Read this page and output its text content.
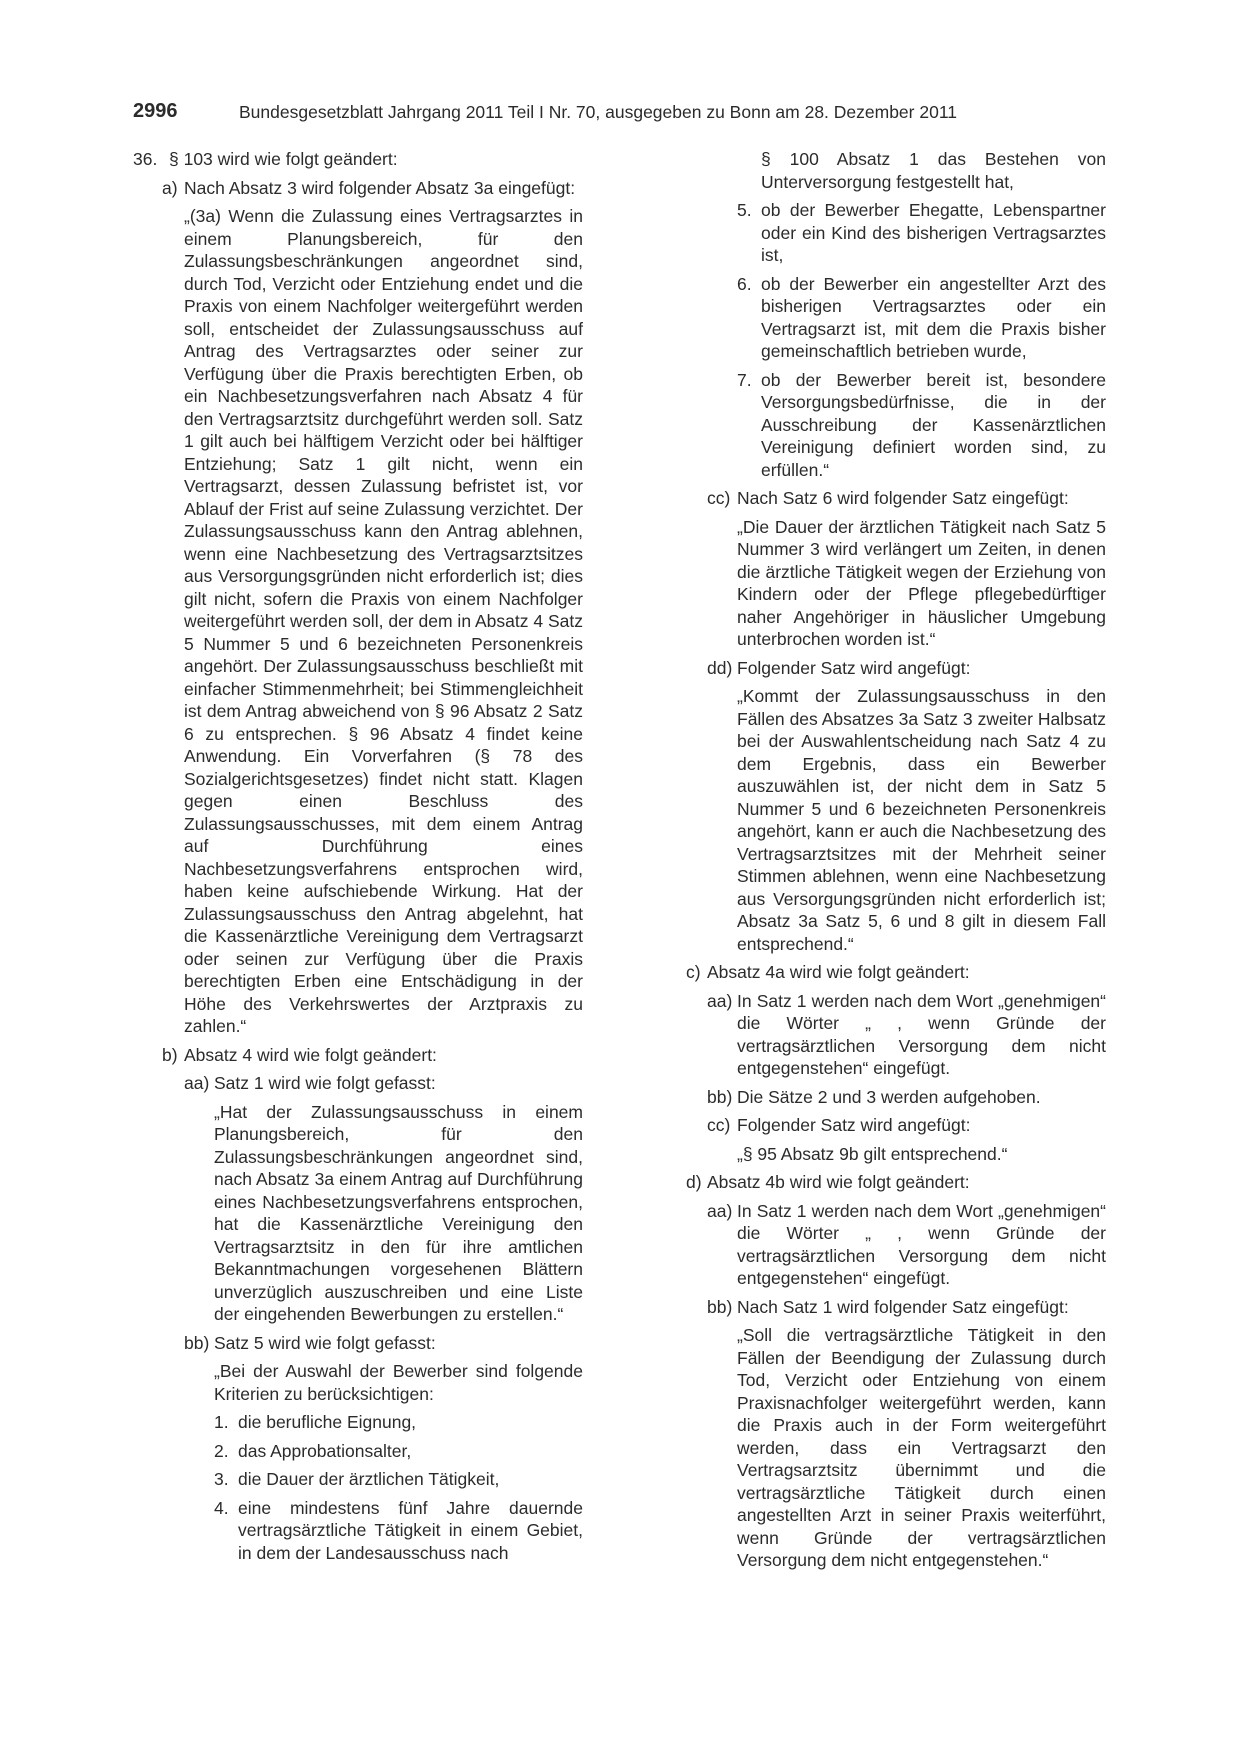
2996	Bundesgesetzblatt Jahrgang 2011 Teil I Nr. 70, ausgegeben zu Bonn am 28. Dezember 2011
36. § 103 wird wie folgt geändert:
a) Nach Absatz 3 wird folgender Absatz 3a eingefügt:
„(3a) Wenn die Zulassung eines Vertragsarztes in einem Planungsbereich, für den Zulassungsbeschränkungen angeordnet sind, durch Tod, Verzicht oder Entziehung endet und die Praxis von einem Nachfolger weitergeführt werden soll, entscheidet der Zulassungsausschuss auf Antrag des Vertragsarztes oder seiner zur Verfügung über die Praxis berechtigten Erben, ob ein Nachbesetzungsverfahren nach Absatz 4 für den Vertragsarztsitz durchgeführt werden soll. Satz 1 gilt auch bei hälftigem Verzicht oder bei hälftiger Entziehung; Satz 1 gilt nicht, wenn ein Vertragsarzt, dessen Zulassung befristet ist, vor Ablauf der Frist auf seine Zulassung verzichtet. Der Zulassungsausschuss kann den Antrag ablehnen, wenn eine Nachbesetzung des Vertragsarztsitzes aus Versorgungsgründen nicht erforderlich ist; dies gilt nicht, sofern die Praxis von einem Nachfolger weitergeführt werden soll, der dem in Absatz 4 Satz 5 Nummer 5 und 6 bezeichneten Personenkreis angehört. Der Zulassungsausschuss beschließt mit einfacher Stimmenmehrheit; bei Stimmengleichheit ist dem Antrag abweichend von § 96 Absatz 2 Satz 6 zu entsprechen. § 96 Absatz 4 findet keine Anwendung. Ein Vorverfahren (§ 78 des Sozialgerichtsgesetzes) findet nicht statt. Klagen gegen einen Beschluss des Zulassungsausschusses, mit dem einem Antrag auf Durchführung eines Nachbesetzungsverfahrens entsprochen wird, haben keine aufschiebende Wirkung. Hat der Zulassungsausschuss den Antrag abgelehnt, hat die Kassenärztliche Vereinigung dem Vertragsarzt oder seinen zur Verfügung über die Praxis berechtigten Erben eine Entschädigung in der Höhe des Verkehrswertes der Arztpraxis zu zahlen.“
b) Absatz 4 wird wie folgt geändert:
aa) Satz 1 wird wie folgt gefasst:
„Hat der Zulassungsausschuss in einem Planungsbereich, für den Zulassungsbeschränkungen angeordnet sind, nach Absatz 3a einem Antrag auf Durchführung eines Nachbesetzungsverfahrens entsprochen, hat die Kassenärztliche Vereinigung den Vertragsarztsitz in den für ihre amtlichen Bekanntmachungen vorgesehenen Blättern unverzüglich auszuschreiben und eine Liste der eingehenden Bewerbungen zu erstellen.“
bb) Satz 5 wird wie folgt gefasst:
„Bei der Auswahl der Bewerber sind folgende Kriterien zu berücksichtigen:
1. die berufliche Eignung,
2. das Approbationsalter,
3. die Dauer der ärztlichen Tätigkeit,
4. eine mindestens fünf Jahre dauernde vertragsärztliche Tätigkeit in einem Gebiet, in dem der Landesausschuss nach
§ 100 Absatz 1 das Bestehen von Unterversorgung festgestellt hat,
5. ob der Bewerber Ehegatte, Lebenspartner oder ein Kind des bisherigen Vertragsarztes ist,
6. ob der Bewerber ein angestellter Arzt des bisherigen Vertragsarztes oder ein Vertragsarzt ist, mit dem die Praxis bisher gemeinschaftlich betrieben wurde,
7. ob der Bewerber bereit ist, besondere Versorgungsbedürfnisse, die in der Ausschreibung der Kassenärztlichen Vereinigung definiert worden sind, zu erfüllen.“
cc) Nach Satz 6 wird folgender Satz eingefügt:
„Die Dauer der ärztlichen Tätigkeit nach Satz 5 Nummer 3 wird verlängert um Zeiten, in denen die ärztliche Tätigkeit wegen der Erziehung von Kindern oder der Pflege pflegebedürftiger naher Angehöriger in häuslicher Umgebung unterbrochen worden ist.“
dd) Folgender Satz wird angefügt:
„Kommt der Zulassungsausschuss in den Fällen des Absatzes 3a Satz 3 zweiter Halbsatz bei der Auswahlentscheidung nach Satz 4 zu dem Ergebnis, dass ein Bewerber auszuwählen ist, der nicht dem in Satz 5 Nummer 5 und 6 bezeichneten Personenkreis angehört, kann er auch die Nachbesetzung des Vertragsarztsitzes mit der Mehrheit seiner Stimmen ablehnen, wenn eine Nachbesetzung aus Versorgungsgründen nicht erforderlich ist; Absatz 3a Satz 5, 6 und 8 gilt in diesem Fall entsprechend.“
c) Absatz 4a wird wie folgt geändert:
aa) In Satz 1 werden nach dem Wort „genehmigen“ die Wörter „ , wenn Gründe der vertragsärztlichen Versorgung dem nicht entgegenstehen“ eingefügt.
bb) Die Sätze 2 und 3 werden aufgehoben.
cc) Folgender Satz wird angefügt:
„§ 95 Absatz 9b gilt entsprechend.“
d) Absatz 4b wird wie folgt geändert:
aa) In Satz 1 werden nach dem Wort „genehmigen“ die Wörter „ , wenn Gründe der vertragsärztlichen Versorgung dem nicht entgegenstehen“ eingefügt.
bb) Nach Satz 1 wird folgender Satz eingefügt:
„Soll die vertragsärztliche Tätigkeit in den Fällen der Beendigung der Zulassung durch Tod, Verzicht oder Entziehung von einem Praxisnachfolger weitergeführt werden, kann die Praxis auch in der Form weitergeführt werden, dass ein Vertragsarzt den Vertragsarztsitz übernimmt und die vertragsärztliche Tätigkeit durch einen angestellten Arzt in seiner Praxis weiterführt, wenn Gründe der vertragsärztlichen Versorgung dem nicht entgegenstehen.“
